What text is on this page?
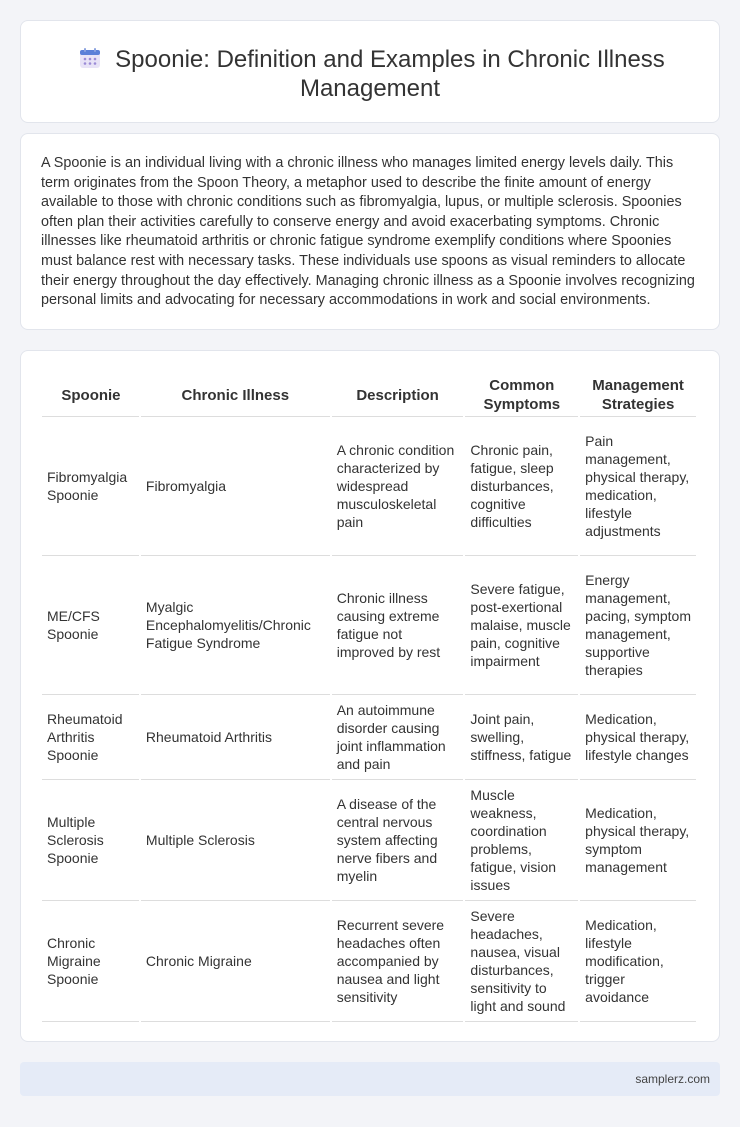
Spoonie: Definition and Examples in Chronic Illness
Management

A Spoonie is an individual living with a chronic illness who manages limited energy levels daily. This term originates from the Spoon Theory, a metaphor used to describe the finite amount of energy available to those with chronic conditions such as fibromyalgia, lupus, or multiple sclerosis. Spoonies often plan their activities carefully to conserve energy and avoid exacerbating symptoms. Chronic illnesses like rheumatoid arthritis or chronic fatigue syndrome exemplify conditions where Spoonies must balance rest with necessary tasks. These individuals use spoons as visual reminders to allocate their energy throughout the day effectively. Managing chronic illness as a Spoonie involves recognizing personal limits and advocating for necessary accommodations in work and social environments.

Spoonie	Chronic Illness	Description	Common Symptoms	Management Strategies
Fibromyalgia Spoonie	Fibromyalgia	A chronic condition characterized by widespread musculoskeletal pain	Chronic pain, fatigue, sleep disturbances, cognitive difficulties	Pain management, physical therapy, medication, lifestyle adjustments
ME/CFS Spoonie	Myalgic Encephalomyelitis/Chronic Fatigue Syndrome	Chronic illness causing extreme fatigue not improved by rest	Severe fatigue, post-exertional malaise, muscle pain, cognitive impairment	Energy management, pacing, symptom management, supportive therapies
Rheumatoid Arthritis Spoonie	Rheumatoid Arthritis	An autoimmune disorder causing joint inflammation and pain	Joint pain, swelling, stiffness, fatigue	Medication, physical therapy, lifestyle changes
Multiple Sclerosis Spoonie	Multiple Sclerosis	A disease of the central nervous system affecting nerve fibers and myelin	Muscle weakness, coordination problems, fatigue, vision issues	Medication, physical therapy, symptom management
Chronic Migraine Spoonie	Chronic Migraine	Recurrent severe headaches often accompanied by nausea and light sensitivity	Severe headaches, nausea, visual disturbances, sensitivity to light and sound	Medication, lifestyle modification, trigger avoidance
samplerz.com
